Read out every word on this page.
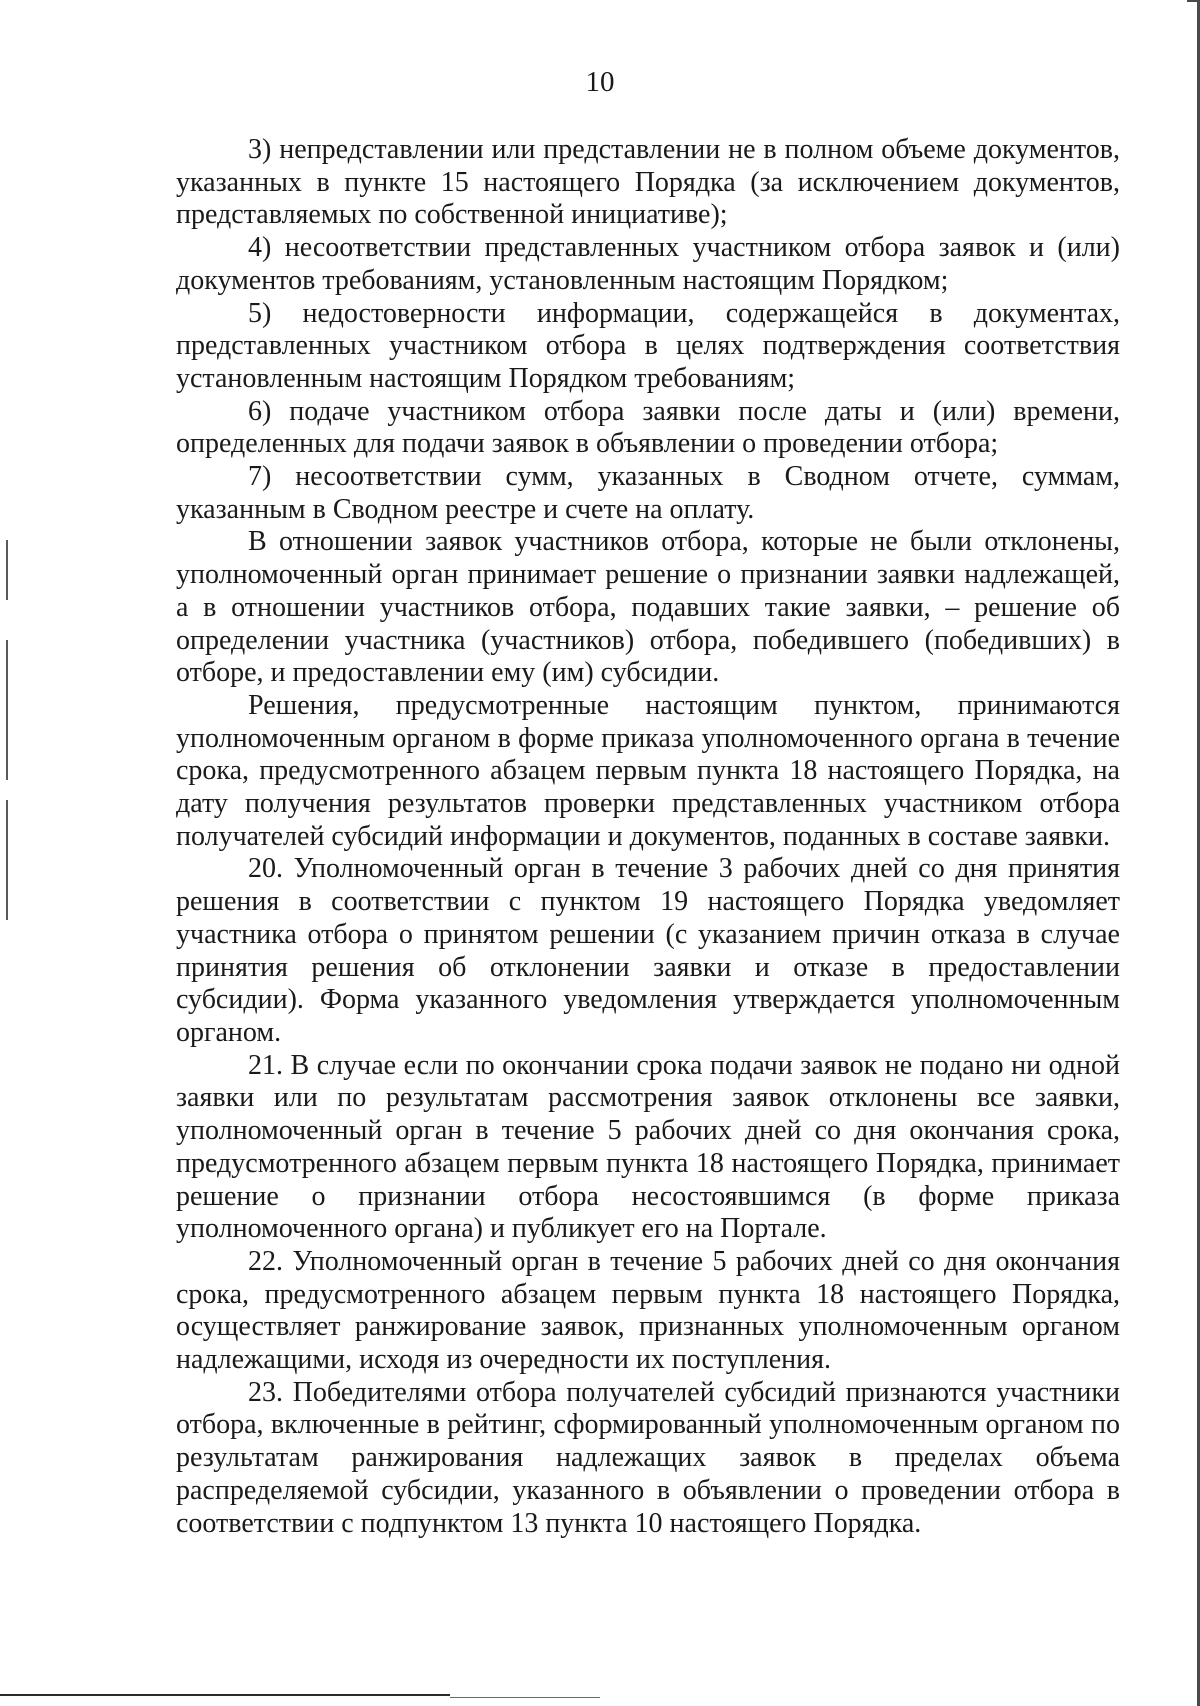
10

3) непредставлении или представлении не в полном объеме документов, указанных в пункте 15 настоящего Порядка (за исключением документов, представляемых по собственной инициативе);

4) несоответствии представленных участником отбора заявок и (или) документов требованиям, установленным настоящим Порядком;

5) недостоверности информации, содержащейся в документах, представленных участником отбора в целях подтверждения соответствия установленным настоящим Порядком требованиям;

6) подаче участником отбора заявки после даты и (или) времени, определенных для подачи заявок в объявлении о проведении отбора;

7) несоответствии сумм, указанных в Сводном отчете, суммам, указанным в Сводном реестре и счете на оплату.

В отношении заявок участников отбора, которые не были отклонены, уполномоченный орган принимает решение о признании заявки надлежащей, а в отношении участников отбора, подавших такие заявки, – решение об определении участника (участников) отбора, победившего (победивших) в отборе, и предоставлении ему (им) субсидии.

Решения, предусмотренные настоящим пунктом, принимаются уполномоченным органом в форме приказа уполномоченного органа в течение срока, предусмотренного абзацем первым пункта 18 настоящего Порядка, на дату получения результатов проверки представленных участником отбора получателей субсидий информации и документов, поданных в составе заявки.

20. Уполномоченный орган в течение 3 рабочих дней со дня принятия решения в соответствии с пунктом 19 настоящего Порядка уведомляет участника отбора о принятом решении (с указанием причин отказа в случае принятия решения об отклонении заявки и отказе в предоставлении субсидии). Форма указанного уведомления утверждается уполномоченным органом.

21. В случае если по окончании срока подачи заявок не подано ни одной заявки или по результатам рассмотрения заявок отклонены все заявки, уполномоченный орган в течение 5 рабочих дней со дня окончания срока, предусмотренного абзацем первым пункта 18 настоящего Порядка, принимает решение о признании отбора несостоявшимся (в форме приказа уполномоченного органа) и публикует его на Портале.

22. Уполномоченный орган в течение 5 рабочих дней со дня окончания срока, предусмотренного абзацем первым пункта 18 настоящего Порядка, осуществляет ранжирование заявок, признанных уполномоченным органом надлежащими, исходя из очередности их поступления.

23. Победителями отбора получателей субсидий признаются участники отбора, включенные в рейтинг, сформированный уполномоченным органом по результатам ранжирования надлежащих заявок в пределах объема распределяемой субсидии, указанного в объявлении о проведении отбора в соответствии с подпунктом 13 пункта 10 настоящего Порядка.
